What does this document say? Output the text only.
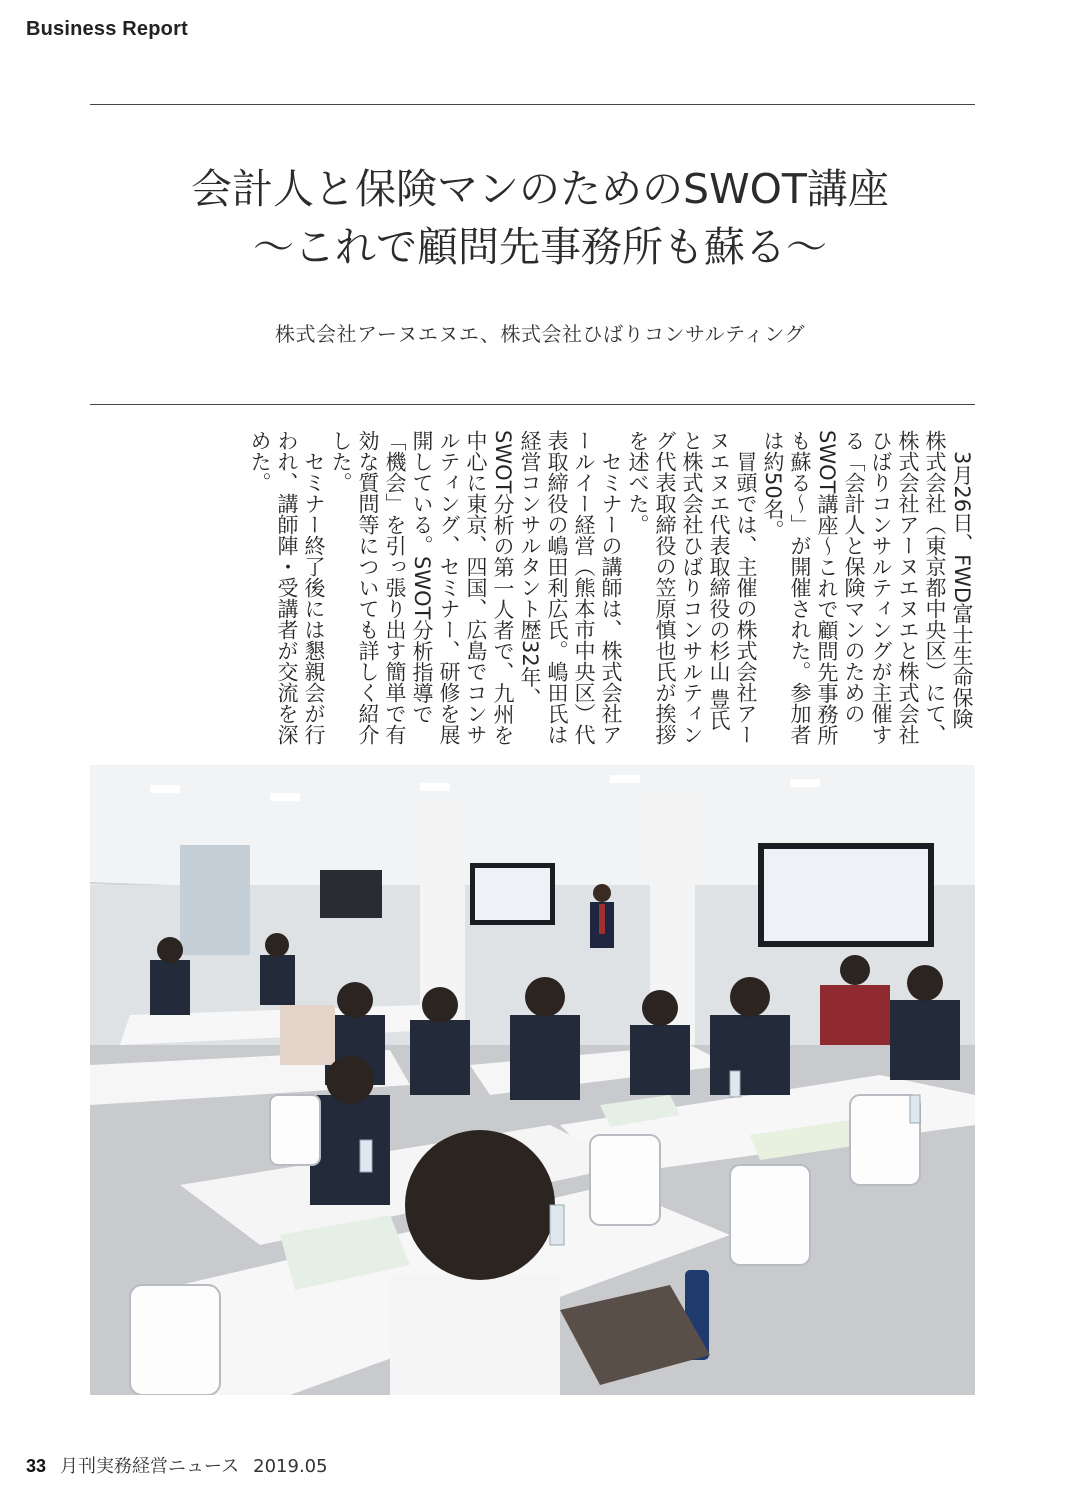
Business Report
会計人と保険マンのためのSWOT講座
〜これで顧問先事務所も蘇る〜
株式会社アーヌエヌエ、株式会社ひばりコンサルティング

3月26日、FWD富士生命保険株式会社（東京都中央区）にて、株式会社アーヌエヌエと株式会社ひばりコンサルティングが主催する「会計人と保険マンのためのSWOT講座〜これで顧問先事務所も蘇る〜」が開催された。参加者は約50名。

冒頭では、主催の株式会社アーヌエヌエ代表取締役の杉山 豊氏と株式会社ひばりコンサルティング代表取締役の笠原慎也氏が挨拶を述べた。

セミナーの講師は、株式会社アールイー経営（熊本市中央区）代表取締役の嶋田利広氏。嶋田氏は経営コンサルタント歴32年、SWOT分析の第一人者で、九州を中心に東京、四国、広島でコンサルティング、セミナー、研修を展開している。SWOT分析指導で「機会」を引っ張り出す簡単で有効な質問等についても詳しく紹介した。

セミナー終了後には懇親会が行われ、講師陣・受講者が交流を深めた。

33 月刊実務経営ニュース 2019.05
